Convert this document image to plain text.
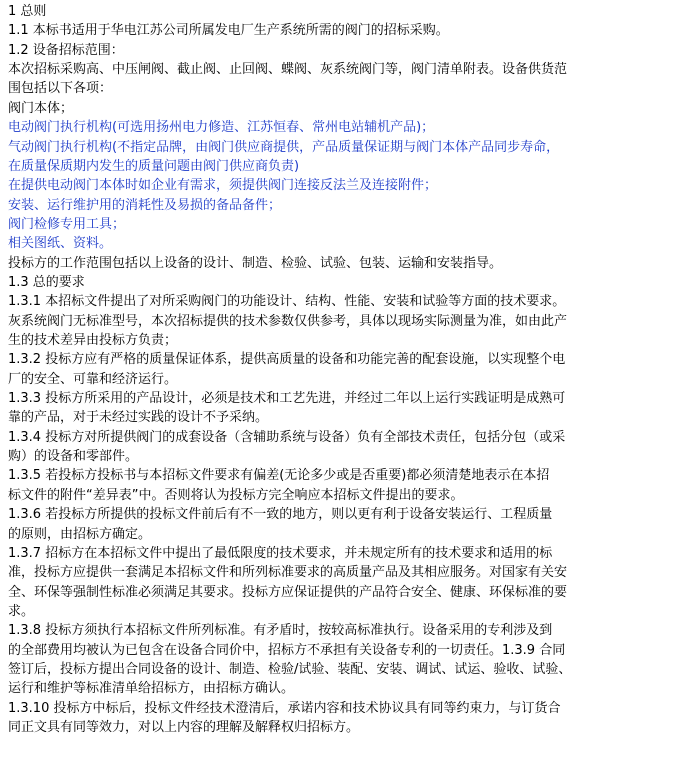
1 总则

1.1 本标书适用于华电江苏公司所属发电厂生产系统所需的阀门的招标采购。

1.2 设备招标范围：

本次招标采购高、中压闸阀、截止阀、止回阀、蝶阀、灰系统阀门等，阀门清单附表。设备供货范

围包括以下各项：

阀门本体；

电动阀门执行机构(可选用扬州电力修造、江苏恒春、常州电站辅机产品)；

气动阀门执行机构(不指定品牌，由阀门供应商提供，产品质量保证期与阀门本体产品同步寿命，

在质量保质期内发生的质量问题由阀门供应商负责)

在提供电动阀门本体时如企业有需求，须提供阀门连接反法兰及连接附件；

安装、运行维护用的消耗性及易损的备品备件；

阀门检修专用工具；

相关图纸、资料。

投标方的工作范围包括以上设备的设计、制造、检验、试验、包装、运输和安装指导。

1.3 总的要求

1.3.1 本招标文件提出了对所采购阀门的功能设计、结构、性能、安装和试验等方面的技术要求。

灰系统阀门无标准型号，本次招标提供的技术参数仅供参考，具体以现场实际测量为准，如由此产

生的技术差异由投标方负责；

1.3.2 投标方应有严格的质量保证体系，提供高质量的设备和功能完善的配套设施，以实现整个电

厂的安全、可靠和经济运行。

1.3.3 投标方所采用的产品设计，必须是技术和工艺先进，并经过二年以上运行实践证明是成熟可

靠的产品，对于未经过实践的设计不予采纳。

1.3.4 投标方对所提供阀门的成套设备（含辅助系统与设备）负有全部技术责任，包括分包（或采

购）的设备和零部件。

1.3.5 若投标方投标书与本招标文件要求有偏差(无论多少或是否重要)都必须清楚地表示在本招

标文件的附件“差异表”中。否则将认为投标方完全响应本招标文件提出的要求。

1.3.6 若投标方所提供的投标文件前后有不一致的地方，则以更有利于设备安装运行、工程质量

的原则，由招标方确定。

1.3.7 招标方在本招标文件中提出了最低限度的技术要求，并未规定所有的技术要求和适用的标

准，投标方应提供一套满足本招标文件和所列标准要求的高质量产品及其相应服务。对国家有关安

全、环保等强制性标准必须满足其要求。投标方应保证提供的产品符合安全、健康、环保标准的要

求。

1.3.8 投标方须执行本招标文件所列标准。有矛盾时，按较高标准执行。设备采用的专利涉及到

的全部费用均被认为已包含在设备合同价中，招标方不承担有关设备专利的一切责任。1.3.9 合同

签订后，投标方提出合同设备的设计、制造、检验/试验、装配、安装、调试、试运、验收、试验、

运行和维护等标准清单给招标方，由招标方确认。

1.3.10 投标方中标后，投标文件经技术澄清后，承诺内容和技术协议具有同等约束力，与订货合

同正文具有同等效力，对以上内容的理解及解释权归招标方。
